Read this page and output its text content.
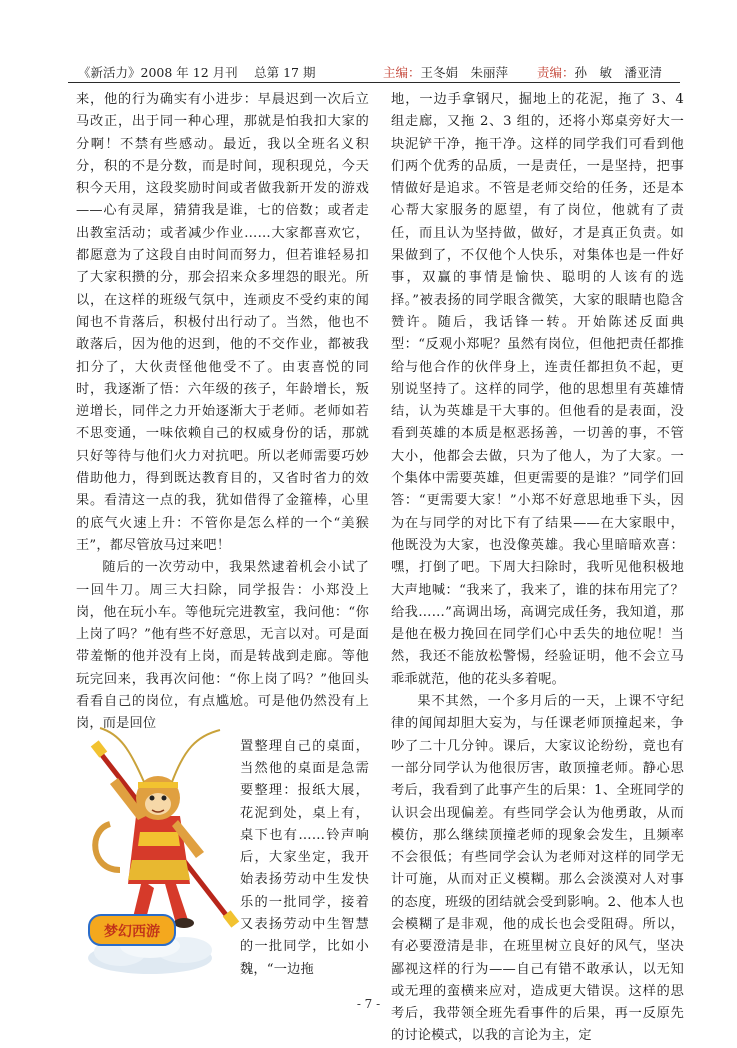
《新活力》2008 年 12 月刊　 总第 17 期	主编：王冬娟　朱丽萍 责编：孙　敏　潘亚清

来，他的行为确实有小进步：早晨迟到一次后立马改正，出于同一种心理，那就是怕我扣大家的分啊！不禁有些感动。最近，我以全班名义积分，积的不是分数，而是时间，现积现兑，今天积今天用，这段奖励时间或者做我新开发的游戏——心有灵犀，猜猜我是谁，七的倍数；或者走出教室活动；或者减少作业……大家都喜欢它，都愿意为了这段自由时间而努力，但若谁轻易扣了大家积攒的分，那会招来众多埋怨的眼光。所以，在这样的班级气氛中，连顽皮不受约束的闻闻也不肯落后，积极付出行动了。当然，他也不敢落后，因为他的迟到，他的不交作业，都被我扣分了，大伙责怪他他受不了。由衷喜悦的同时，我逐渐了悟：六年级的孩子，年龄增长，叛逆增长，同伴之力开始逐渐大于老师。老师如若不思变通，一味依赖自己的权威身份的话，那就只好等待与他们火力对抗吧。所以老师需要巧妙借助他力，得到既达教育目的，又省时省力的效果。看清这一点的我，犹如借得了金箍棒，心里的底气火速上升：不管你是怎么样的一个“美猴王”，都尽管放马过来吧！

随后的一次劳动中，我果然逮着机会小试了一回牛刀。周三大扫除，同学报告：小郑没上岗，他在玩小车。等他玩完进教室，我问他：“你上岗了吗？”他有些不好意思，无言以对。可是面带羞惭的他并没有上岗，而是转战到走廊。等他玩完回来，我再次问他：“你上岗了吗？”他回头看看自己的岗位，有点尴尬。可是他仍然没有上岗，而是回位

置整理自己的桌面，当然他的桌面是急需要整理：报纸大展，花泥到处，桌上有，桌下也有……铃声响后，大家坐定，我开始表扬劳动中生发快乐的一批同学，接着又表扬劳动中生智慧的一批同学，比如小魏，“一边拖

地，一边手拿钢尺，掘地上的花泥，拖了 3、4 组走廊，又拖 2、3 组的，还将小郑桌旁好大一块泥铲干净，拖干净。这样的同学我们可看到他们两个优秀的品质，一是责任，一是坚持，把事情做好是追求。不管是老师交给的任务，还是本心帮大家服务的愿望，有了岗位，他就有了责任，而且认为坚持做，做好，才是真正负责。如果做到了，不仅他个人快乐，对集体也是一件好事，双赢的事情是愉快、聪明的人该有的选择。”被表扬的同学眼含微笑，大家的眼睛也隐含赞许。随后，我话锋一转。开始陈述反面典型：“反观小郑呢？虽然有岗位，但他把责任都推给与他合作的伙伴身上，连责任都担负不起，更别说坚持了。这样的同学，他的思想里有英雄情结，认为英雄是干大事的。但他看的是表面，没看到英雄的本质是枢恶扬善，一切善的事，不管大小，他都会去做，只为了他人，为了大家。一个集体中需要英雄，但更需要的是谁？”同学们回答：“更需要大家！”小郑不好意思地垂下头，因为在与同学的对比下有了结果——在大家眼中，他既没为大家，也没像英雄。我心里暗暗欢喜：嘿，打倒了吧。下周大扫除时，我听见他积极地大声地喊：“我来了，我来了，谁的抹布用完了？给我……”高调出场，高调完成任务，我知道，那是他在极力挽回在同学们心中丢失的地位呢！当然，我还不能放松警惕，经验证明，他不会立马乖乖就范，他的花头多着呢。

果不其然，一个多月后的一天，上课不守纪律的闻闻却胆大妄为，与任课老师顶撞起来，争吵了二十几分钟。课后，大家议论纷纷，竟也有一部分同学认为他很厉害，敢顶撞老师。静心思考后，我看到了此事产生的后果：1、全班同学的认识会出现偏差。有些同学会认为他勇敢，从而模仿，那么继续顶撞老师的现象会发生，且频率不会很低；有些同学会认为老师对这样的同学无计可施，从而对正义模糊。那么会淡漠对人对事的态度，班级的团结就会受到影响。2、他本人也会模糊了是非观，他的成长也会受阻碍。所以，有必要澄清是非，在班里树立良好的风气，坚决鄙视这样的行为——自己有错不敢承认，以无知或无理的蛮横来应对，造成更大错误。这样的思考后，我带领全班先看事件的后果，再一反原先的讨论模式，以我的言论为主，定

梦幻西游
- 7 -
